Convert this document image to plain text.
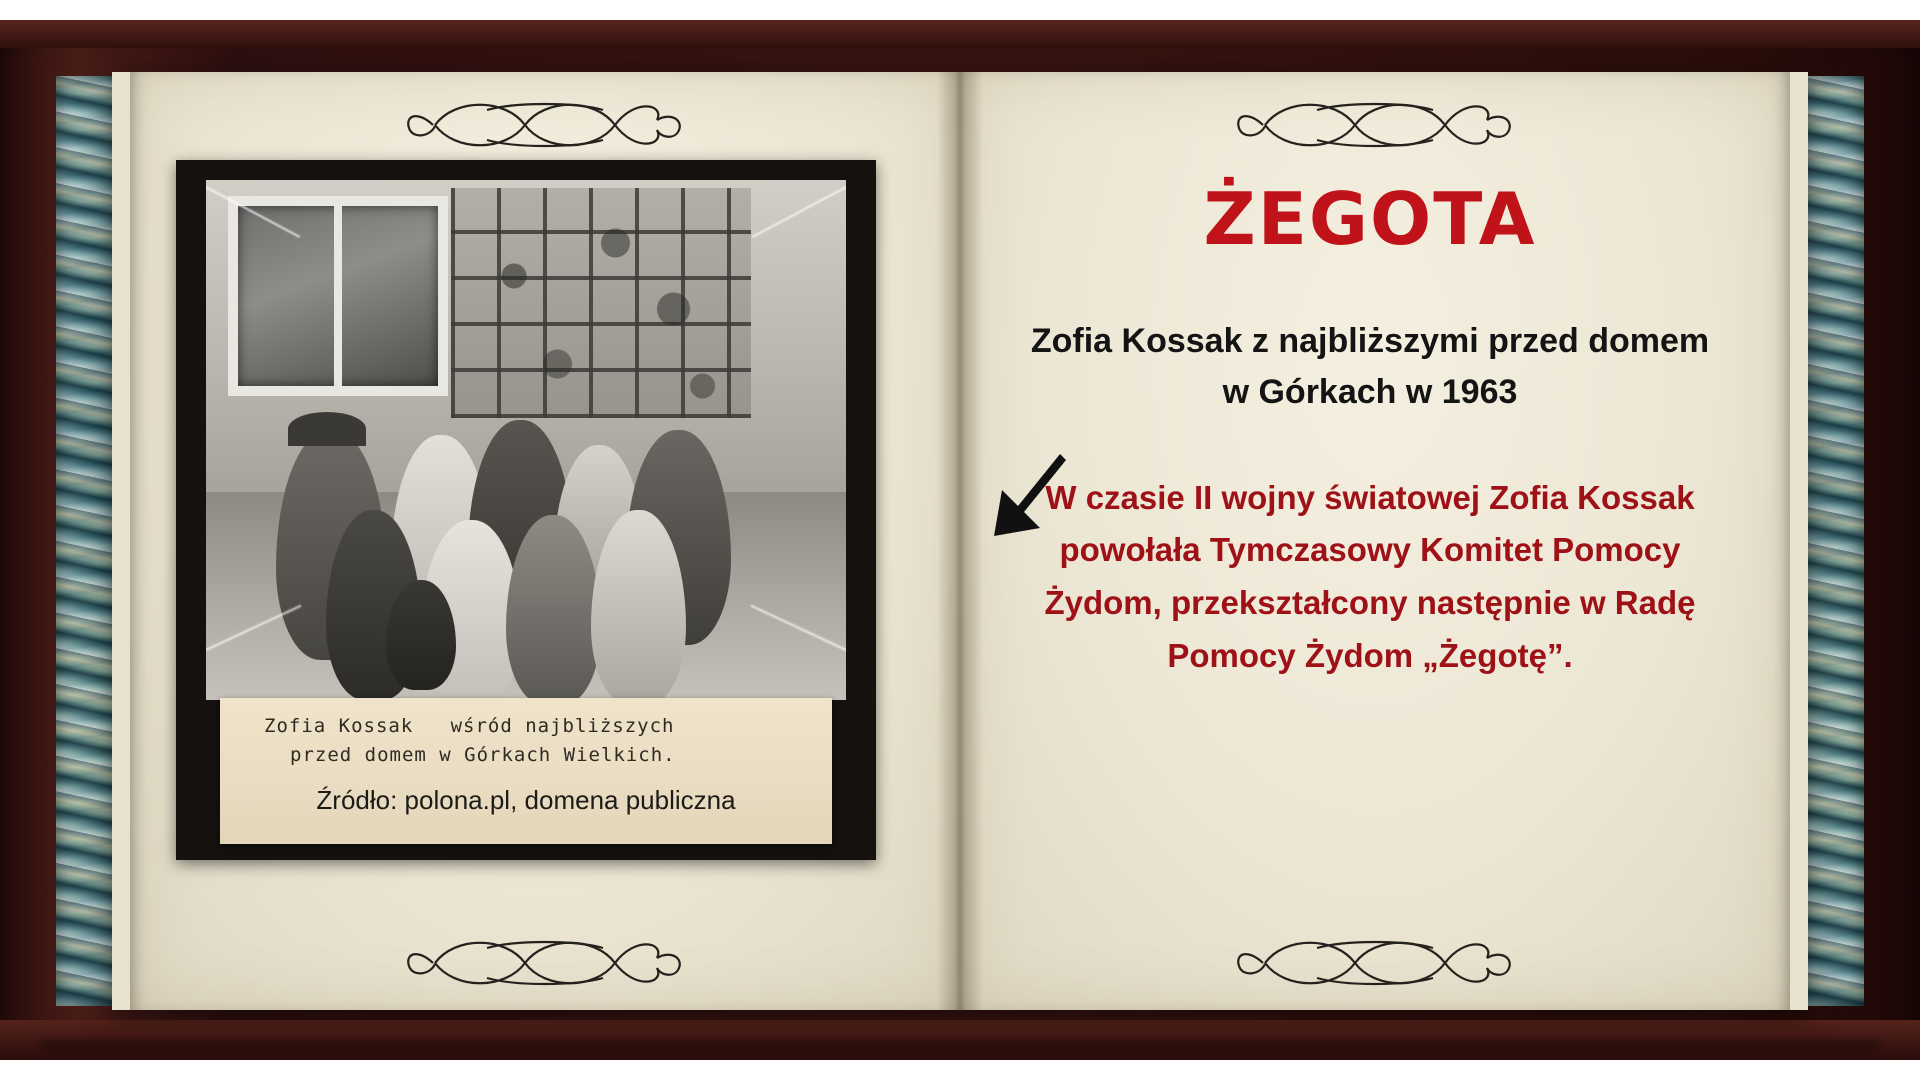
Zofia Kossak   wśród najbliższych
przed domem w Górkach Wielkich.
Źródło: polona.pl, domena publiczna
ŻEGOTA
Zofia Kossak z najbliższymi przed domem w Górkach w 1963
W czasie II wojny światowej Zofia Kossak powołała Tymczasowy Komitet Pomocy Żydom, przekształcony następnie w Radę Pomocy Żydom „Żegotę”.
